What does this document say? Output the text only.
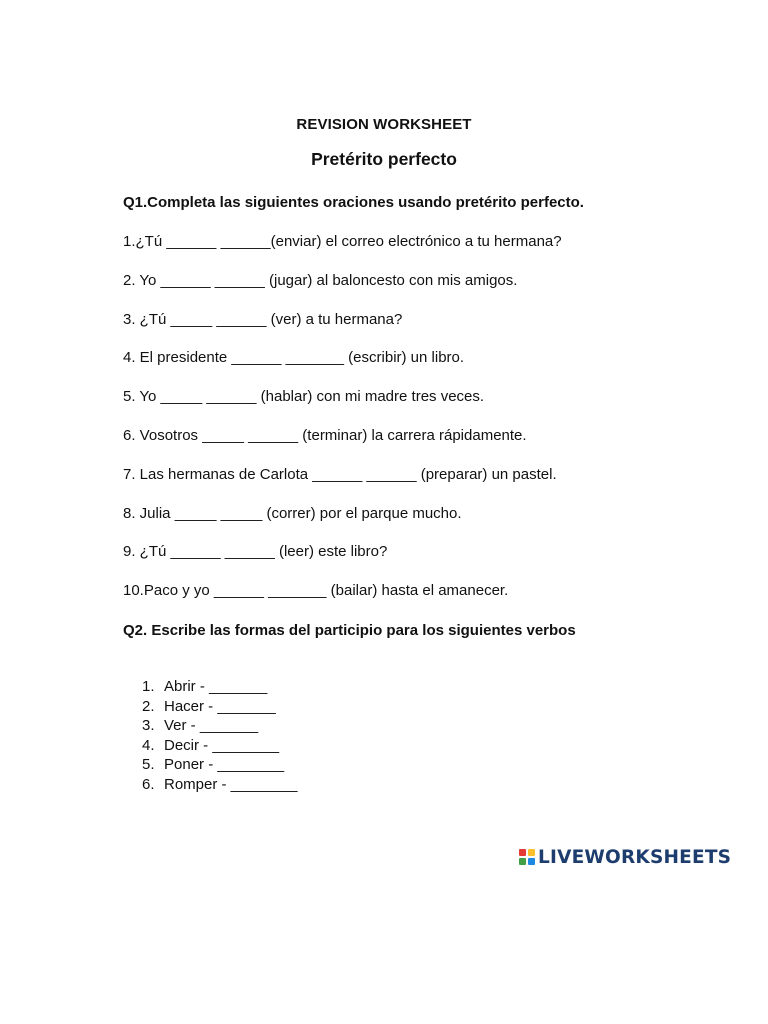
REVISION WORKSHEET
Pretérito perfecto
Q1.Completa las siguientes oraciones usando pretérito perfecto.
1.¿Tú ______ ______(enviar) el correo electrónico a tu hermana?
2. Yo ______ ______ (jugar) al baloncesto con mis amigos.
3. ¿Tú _____ ______ (ver) a tu hermana?
4. El presidente ______ _______ (escribir) un libro.
5. Yo _____ ______ (hablar) con mi madre tres veces.
6. Vosotros _____ ______ (terminar) la carrera rápidamente.
7. Las hermanas de Carlota ______ ______ (preparar) un pastel.
8. Julia _____ _____ (correr) por el parque mucho.
9. ¿Tú ______ ______ (leer) este libro?
10.Paco y yo ______ _______ (bailar) hasta el amanecer.
Q2. Escribe las formas del participio para los siguientes verbos
1. Abrir - _______
2. Hacer - _______
3. Ver - _______
4. Decir - ________
5. Poner - ________
6. Romper - ________
LIVEWORKSHEETS
